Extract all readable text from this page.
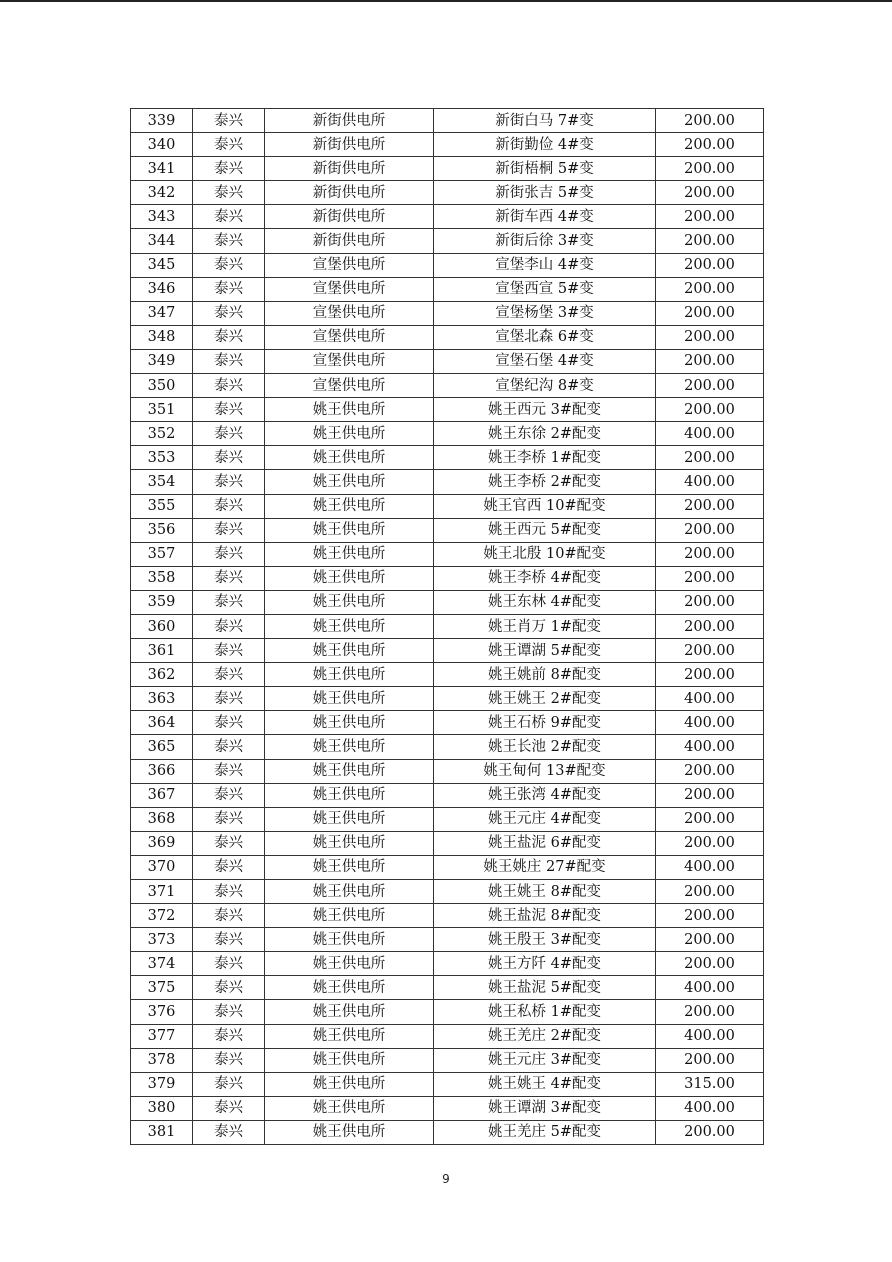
339	泰兴	新街供电所	新街白马 7#变	200.00
340	泰兴	新街供电所	新街勤俭 4#变	200.00
341	泰兴	新街供电所	新街梧桐 5#变	200.00
342	泰兴	新街供电所	新街张吉 5#变	200.00
343	泰兴	新街供电所	新街车西 4#变	200.00
344	泰兴	新街供电所	新街后徐 3#变	200.00
345	泰兴	宣堡供电所	宣堡李山 4#变	200.00
346	泰兴	宣堡供电所	宣堡西宣 5#变	200.00
347	泰兴	宣堡供电所	宣堡杨堡 3#变	200.00
348	泰兴	宣堡供电所	宣堡北森 6#变	200.00
349	泰兴	宣堡供电所	宣堡石堡 4#变	200.00
350	泰兴	宣堡供电所	宣堡纪沟 8#变	200.00
351	泰兴	姚王供电所	姚王西元 3#配变	200.00
352	泰兴	姚王供电所	姚王东徐 2#配变	400.00
353	泰兴	姚王供电所	姚王李桥 1#配变	200.00
354	泰兴	姚王供电所	姚王李桥 2#配变	400.00
355	泰兴	姚王供电所	姚王官西 10#配变	200.00
356	泰兴	姚王供电所	姚王西元 5#配变	200.00
357	泰兴	姚王供电所	姚王北殷 10#配变	200.00
358	泰兴	姚王供电所	姚王李桥 4#配变	200.00
359	泰兴	姚王供电所	姚王东林 4#配变	200.00
360	泰兴	姚王供电所	姚王肖万 1#配变	200.00
361	泰兴	姚王供电所	姚王谭湖 5#配变	200.00
362	泰兴	姚王供电所	姚王姚前 8#配变	200.00
363	泰兴	姚王供电所	姚王姚王 2#配变	400.00
364	泰兴	姚王供电所	姚王石桥 9#配变	400.00
365	泰兴	姚王供电所	姚王长池 2#配变	400.00
366	泰兴	姚王供电所	姚王甸何 13#配变	200.00
367	泰兴	姚王供电所	姚王张湾 4#配变	200.00
368	泰兴	姚王供电所	姚王元庄 4#配变	200.00
369	泰兴	姚王供电所	姚王盐泥 6#配变	200.00
370	泰兴	姚王供电所	姚王姚庄 27#配变	400.00
371	泰兴	姚王供电所	姚王姚王 8#配变	200.00
372	泰兴	姚王供电所	姚王盐泥 8#配变	200.00
373	泰兴	姚王供电所	姚王殷王 3#配变	200.00
374	泰兴	姚王供电所	姚王方阡 4#配变	200.00
375	泰兴	姚王供电所	姚王盐泥 5#配变	400.00
376	泰兴	姚王供电所	姚王私桥 1#配变	200.00
377	泰兴	姚王供电所	姚王羌庄 2#配变	400.00
378	泰兴	姚王供电所	姚王元庄 3#配变	200.00
379	泰兴	姚王供电所	姚王姚王 4#配变	315.00
380	泰兴	姚王供电所	姚王谭湖 3#配变	400.00
381	泰兴	姚王供电所	姚王羌庄 5#配变	200.00
9
